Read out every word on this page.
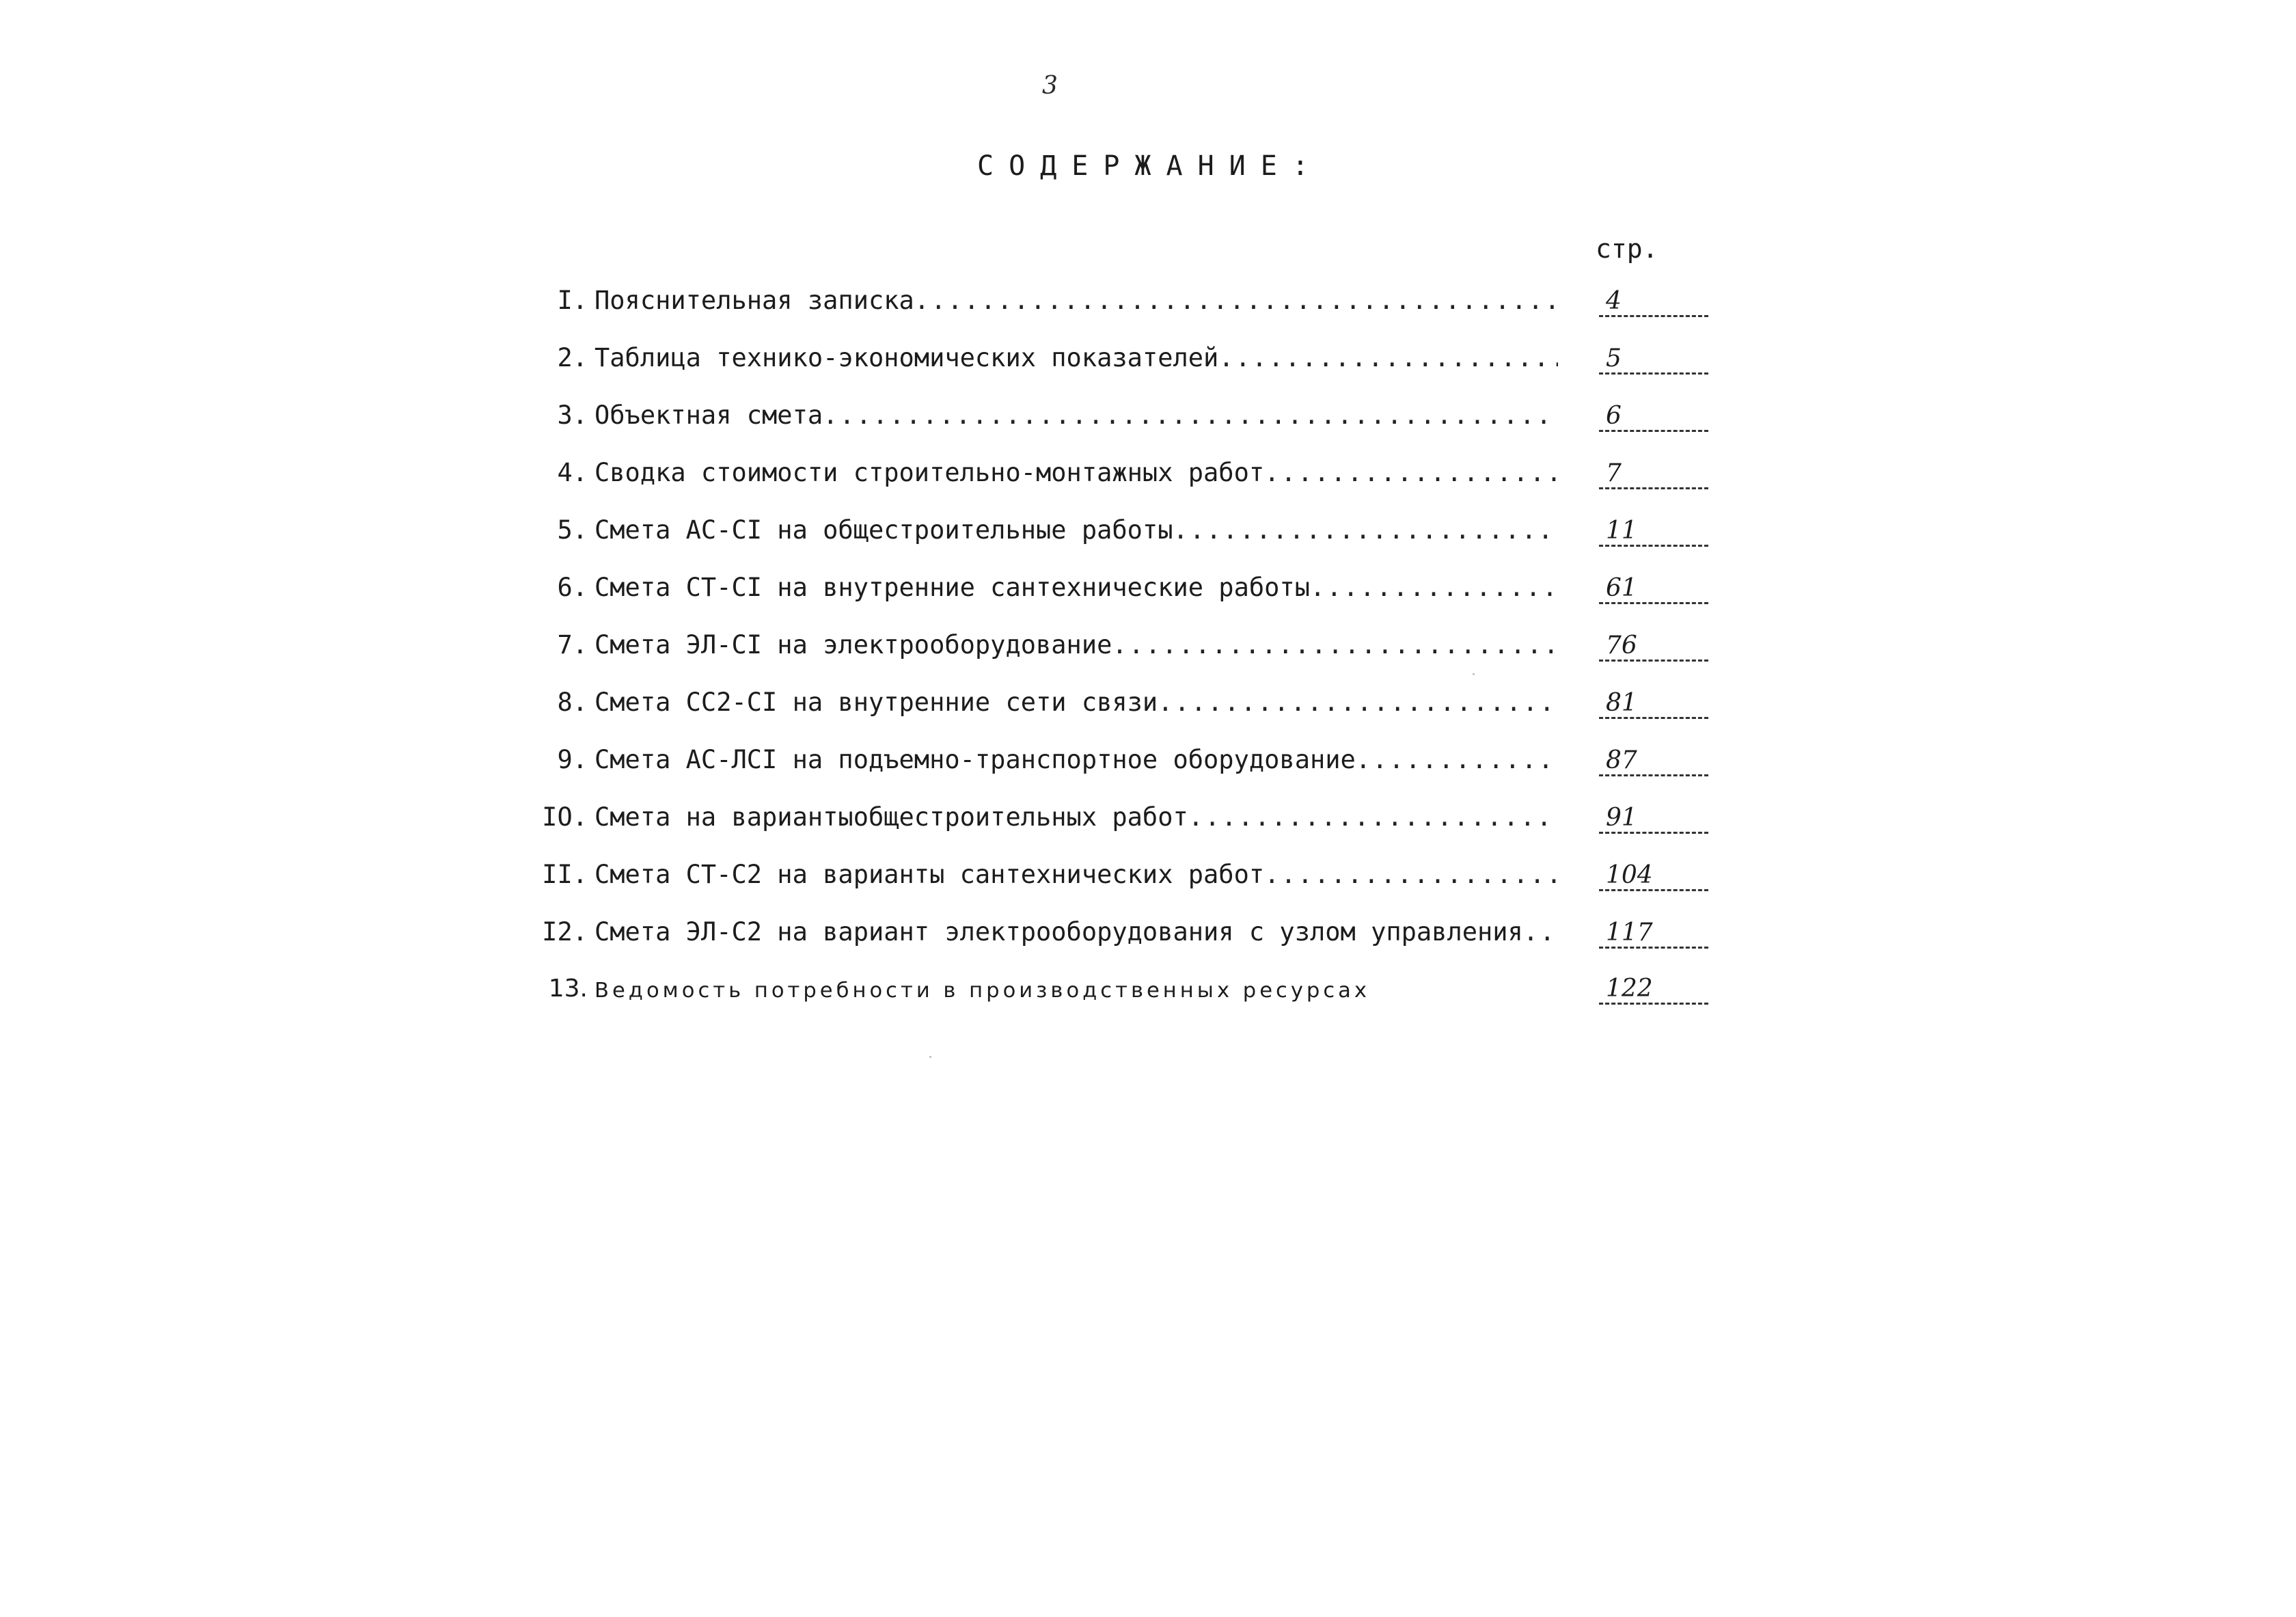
3
СОДЕРЖАНИЕ:
стр.
I. Пояснительная записка .....	4
2. Таблица технико-экономических показателей .....	5
3. Объектная смета .....	6
4. Сводка стоимости строительно-монтажных работ .....	7
5. Смета АС-СI на общестроительные работы .....	11
6. Смета СТ-СI на внутренние сантехнические работы .....	61
7. Смета ЭЛ-СI на электрооборудование .....	76
8. Смета СС2-СI на внутренние сети связи .....	81
9. Смета АС-ЛСI на подъемно-транспортное оборудование .....	87
IO. Смета на вариантыобщестроительных работ .....	91
II. Смета СТ-С2 на варианты сантехнических работ .....	104
I2. Смета ЭЛ-С2 на вариант электрооборудования с узлом управления .....	117
13. Ведомость потребности в производственных ресурсах	122
